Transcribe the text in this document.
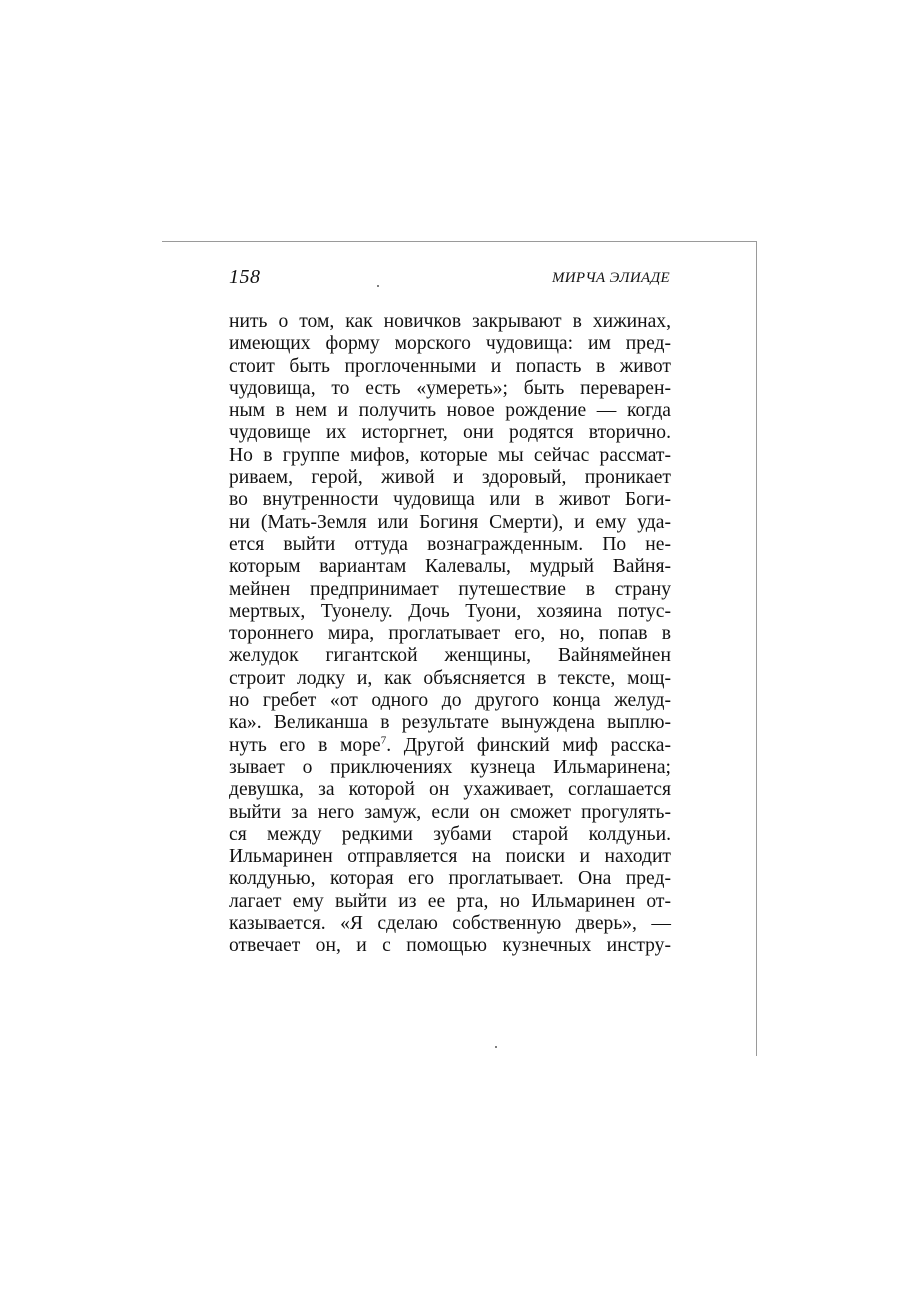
158	МИРЧА ЭЛИАДЕ
нить о том, как новичков закрывают в хижинах,
имеющих форму морского чудовища: им пред-
стоит быть проглоченными и попасть в живот
чудовища, то есть «умереть»; быть переварен-
ным в нем и получить новое рождение — когда
чудовище их исторгнет, они родятся вторично.
Но в группе мифов, которые мы сейчас рассмат-
риваем, герой, живой и здоровый, проникает
во внутренности чудовища или в живот Боги-
ни (Мать-Земля или Богиня Смерти), и ему уда-
ется выйти оттуда вознагражденным. По не-
которым вариантам Калевалы, мудрый Вайня-
мейнен предпринимает путешествие в страну
мертвых, Туонелу. Дочь Туони, хозяина потус-
тороннего мира, проглатывает его, но, попав в
желудок гигантской женщины, Вайнямейнен
строит лодку и, как объясняется в тексте, мощ-
но гребет «от одного до другого конца желуд-
ка». Великанша в результате вынуждена выплю-
нуть его в море$^7$. Другой финский миф расска-
зывает о приключениях кузнеца Ильмаринена;
девушка, за которой он ухаживает, соглашается
выйти за него замуж, если он сможет прогулять-
ся между редкими зубами старой колдуньи.
Ильмаринен отправляется на поиски и находит
колдунью, которая его проглатывает. Она пред-
лагает ему выйти из ее рта, но Ильмаринен от-
казывается. «Я сделаю собственную дверь», —
отвечает он, и с помощью кузнечных инстру-
